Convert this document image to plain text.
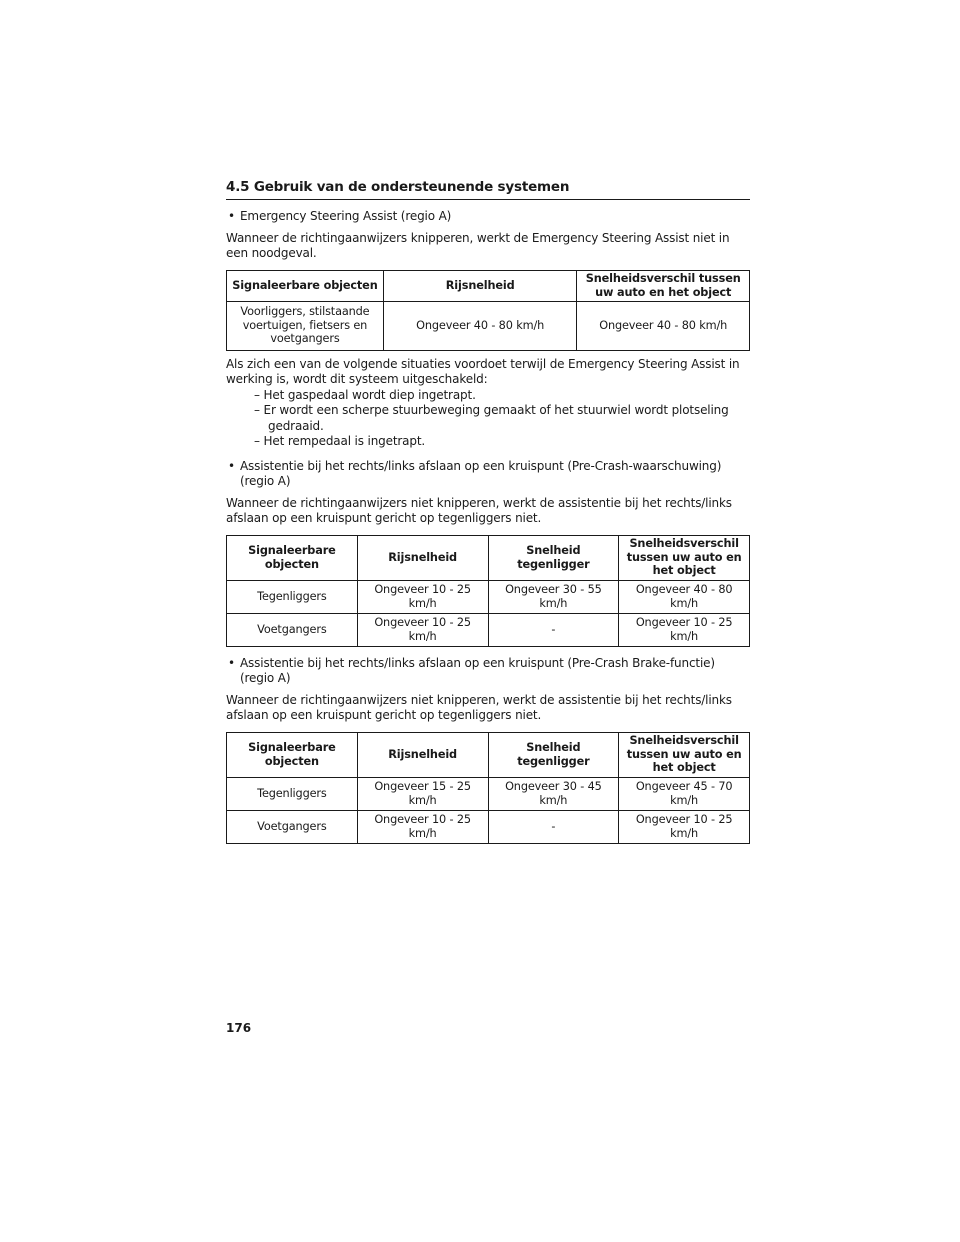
4.5 Gebruik van de ondersteunende systemen

• Emergency Steering Assist (regio A)

Wanneer de richtingaanwijzers knipperen, werkt de Emergency Steering Assist niet in een noodgeval.

Signaleerbare objecten	Rijsnelheid	Snelheidsverschil tussen uw auto en het object
Voorliggers, stilstaande voertuigen, fietsers en voetgangers	Ongeveer 40 - 80 km/h	Ongeveer 40 - 80 km/h

Als zich een van de volgende situaties voordoet terwijl de Emergency Steering Assist in werking is, wordt dit systeem uitgeschakeld:

– Het gaspedaal wordt diep ingetrapt.

– Er wordt een scherpe stuurbeweging gemaakt of het stuurwiel wordt plotseling gedraaid.

– Het rempedaal is ingetrapt.

• Assistentie bij het rechts/links afslaan op een kruispunt (Pre-Crash-waarschuwing) (regio A)

Wanneer de richtingaanwijzers niet knipperen, werkt de assistentie bij het rechts/links afslaan op een kruispunt gericht op tegenliggers niet.

Signaleerbare objecten	Rijsnelheid	Snelheid tegenligger	Snelheidsverschil tussen uw auto en het object
Tegenliggers	Ongeveer 10 - 25 km/h	Ongeveer 30 - 55 km/h	Ongeveer 40 - 80 km/h
Voetgangers	Ongeveer 10 - 25 km/h	-	Ongeveer 10 - 25 km/h

• Assistentie bij het rechts/links afslaan op een kruispunt (Pre-Crash Brake-functie) (regio A)

Wanneer de richtingaanwijzers niet knipperen, werkt de assistentie bij het rechts/links afslaan op een kruispunt gericht op tegenliggers niet.

Signaleerbare objecten	Rijsnelheid	Snelheid tegenligger	Snelheidsverschil tussen uw auto en het object
Tegenliggers	Ongeveer 15 - 25 km/h	Ongeveer 30 - 45 km/h	Ongeveer 45 - 70 km/h
Voetgangers	Ongeveer 10 - 25 km/h	-	Ongeveer 10 - 25 km/h
176
